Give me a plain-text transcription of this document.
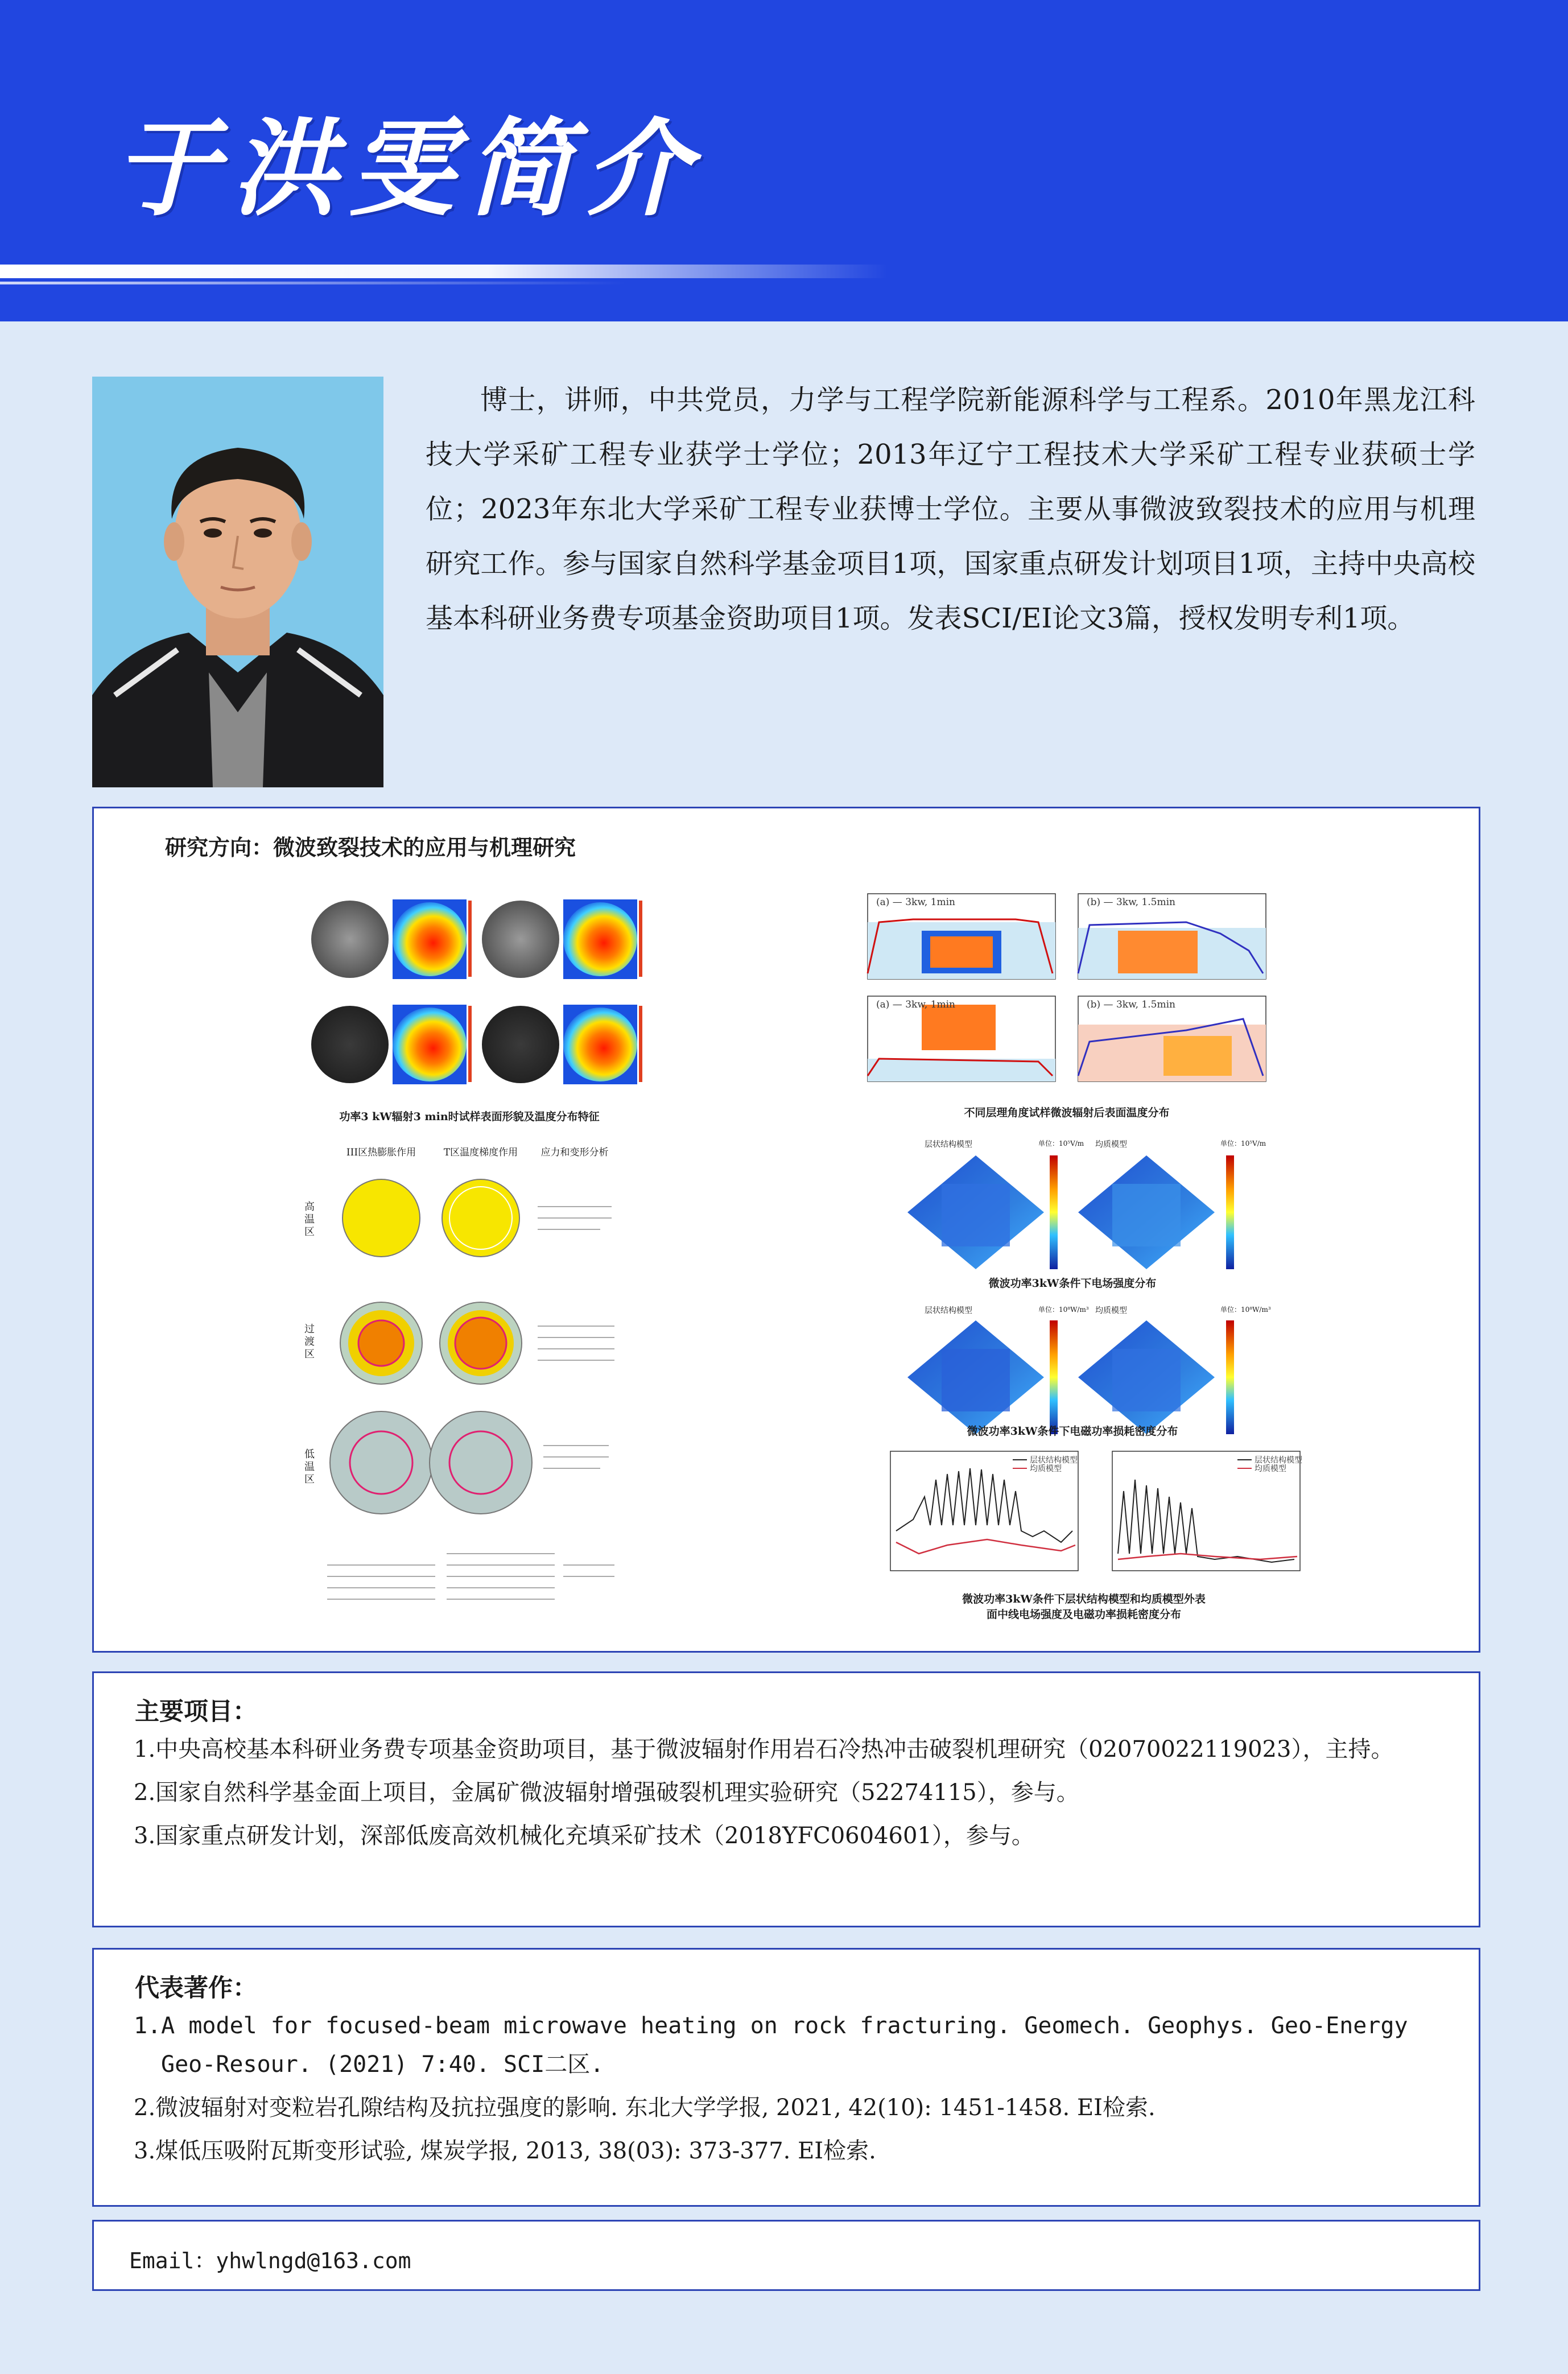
于洪雯简介

博士，讲师，中共党员，力学与工程学院新能源科学与工程系。2010年黑龙江科技大学采矿工程专业获学士学位；2013年辽宁工程技术大学采矿工程专业获硕士学位；2023年东北大学采矿工程专业获博士学位。主要从事微波致裂技术的应用与机理研究工作。参与国家自然科学基金项目1项，国家重点研发计划项目1项，主持中央高校基本科研业务费专项基金资助项目1项。发表SCI/EI论文3篇，授权发明专利1项。

研究方向：微波致裂技术的应用与机理研究
功率3 kW辐射3 min时试样表面形貌及温度分布特征
(a) — 3kw, 1min	(b) — 3kw, 1.5min
(a) — 3kw, 1min	(b) — 3kw, 1.5min
不同层理角度试样微波辐射后表面温度分布
III区热膨胀作用	T区温度梯度作用	应力和变形分析
高温区
过渡区
低温区
层状结构模型	均质模型
单位：10⁵V/m	单位：10⁵V/m
层状结构模型	均质模型
单位：10⁸W/m³	单位：10⁸W/m³
微波功率3kW条件下电场强度分布
微波功率3kW条件下电磁功率损耗密度分布
层状结构模型
均质模型
层状结构模型
均质模型
微波功率3kW条件下层状结构模型和均质模型外表
面中线电场强度及电磁功率损耗密度分布
主要项目：
1.中央高校基本科研业务费专项基金资助项目，基于微波辐射作用岩石冷热冲击破裂机理研究（02070022119023），主持。
2.国家自然科学基金面上项目，金属矿微波辐射增强破裂机理实验研究（52274115），参与。
3.国家重点研发计划，深部低废高效机械化充填采矿技术（2018YFC0604601），参与。
代表著作：
1.A model for focused-beam microwave heating on rock fracturing. Geomech. Geophys. Geo-Energy Geo-Resour. (2021) 7:40. SCI二区.
2.微波辐射对变粒岩孔隙结构及抗拉强度的影响. 东北大学学报, 2021, 42(10): 1451-1458. EI检索.
3.煤低压吸附瓦斯变形试验, 煤炭学报, 2013, 38(03): 373-377. EI检索.
Email：yhwlngd@163.com
